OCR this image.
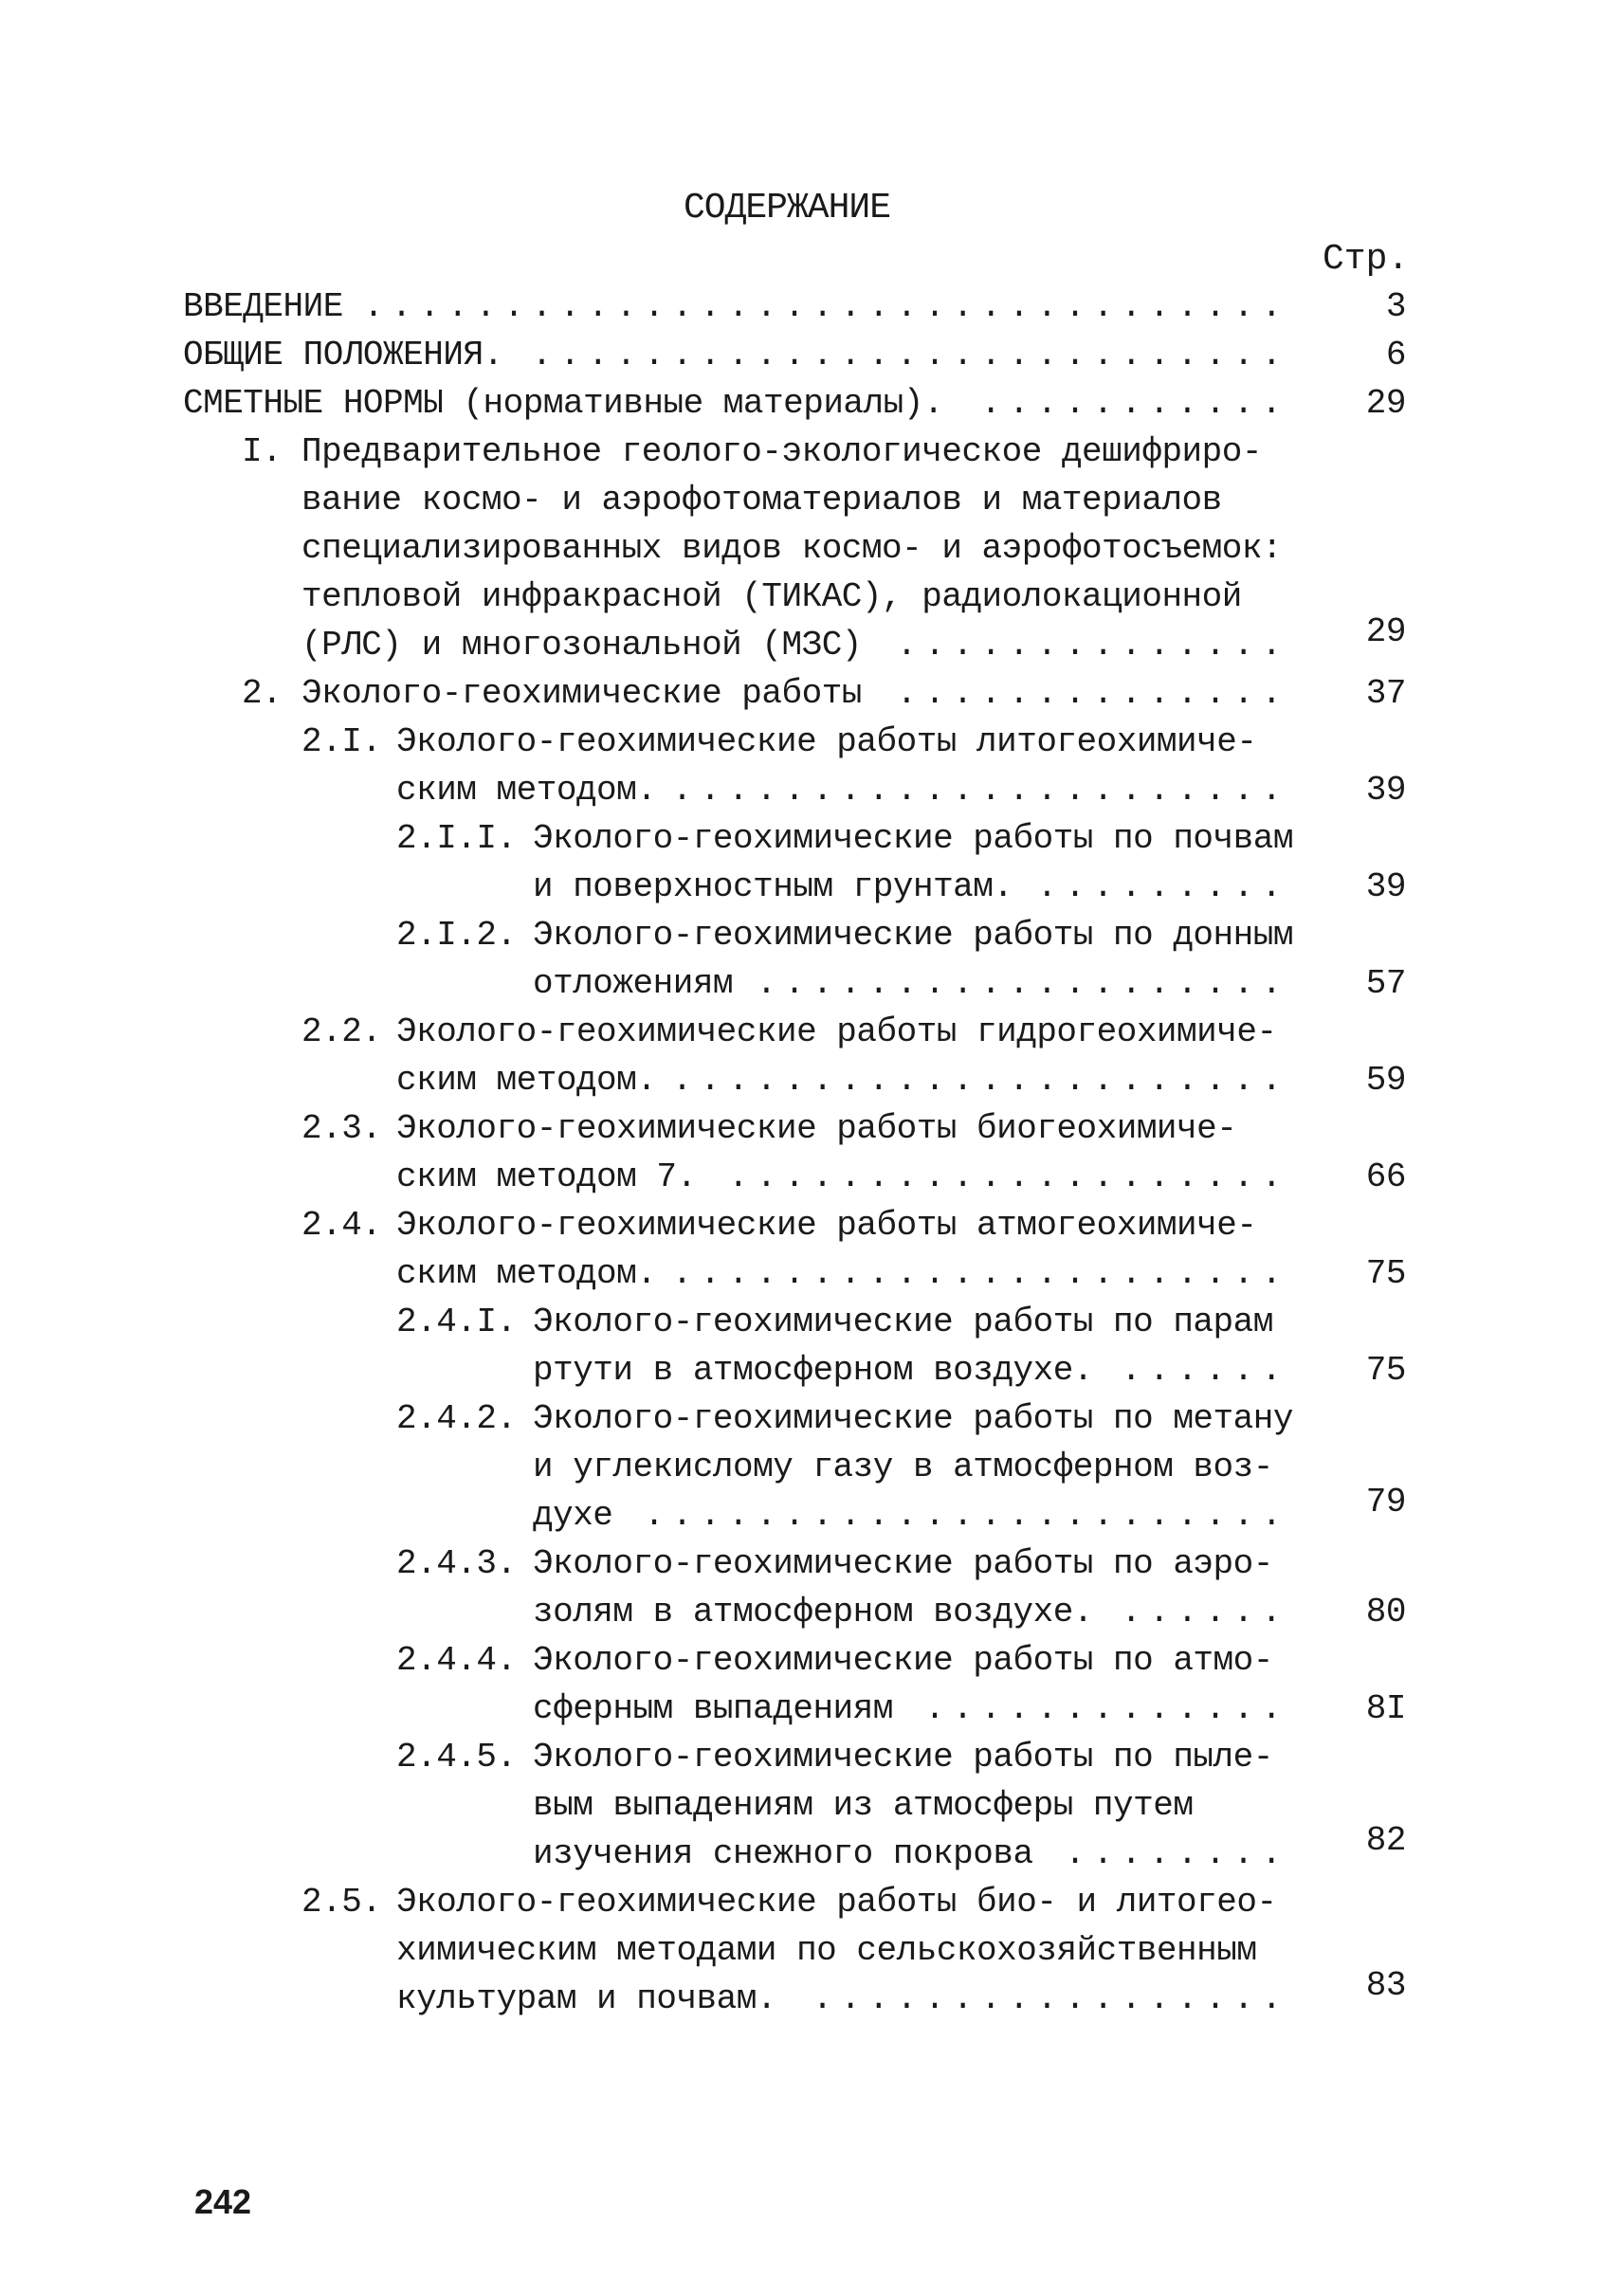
СОДЕРЖАНИЕ
Стр.
ВВЕДЕНИЕ .................................	3
ОБЩИЕ ПОЛОЖЕНИЯ. ...........................	6
СМЕТНЫЕ НОРМЫ (нормативные материалы). ...........	29
I. Предварительное геолого-экологическое дешифриро-
вание космо- и аэрофотоматериалов и материалов
специализированных видов космо- и аэрофотосъемок:
тепловой инфракрасной (ТИКАС), радиолокационной
(РЛС) и многозональной (МЗС) ..............	29
2. Эколого-геохимические работы ..............	37
2.I. Эколого-геохимические работы литогеохимиче-
ским методом. ......................	39
2.I.I. Эколого-геохимические работы по почвам
и поверхностным грунтам. .........	39
2.I.2. Эколого-геохимические работы по донным
отложениям ...................	57
2.2. Эколого-геохимические работы гидрогеохимиче-
ским методом. ......................	59
2.3. Эколого-геохимические работы биогеохимиче-
ским методом 7. ....................	66
2.4. Эколого-геохимические работы атмогеохимиче-
ским методом. ......................	75
2.4.I. Эколого-геохимические работы по парам
ртути в атмосферном воздухе. ......	75
2.4.2. Эколого-геохимические работы по метану
и углекислому газу в атмосферном воз-
духе .......................	79
2.4.3. Эколого-геохимические работы по аэро-
золям в атмосферном воздухе. ......	80
2.4.4. Эколого-геохимические работы по атмо-
сферным выпадениям .............	8I
2.4.5. Эколого-геохимические работы по пыле-
вым выпадениям из атмосферы путем
изучения снежного покрова ........	82
2.5. Эколого-геохимические работы био- и литогео-
химическим методами по сельскохозяйственным
культурам и почвам. .................	83
242
